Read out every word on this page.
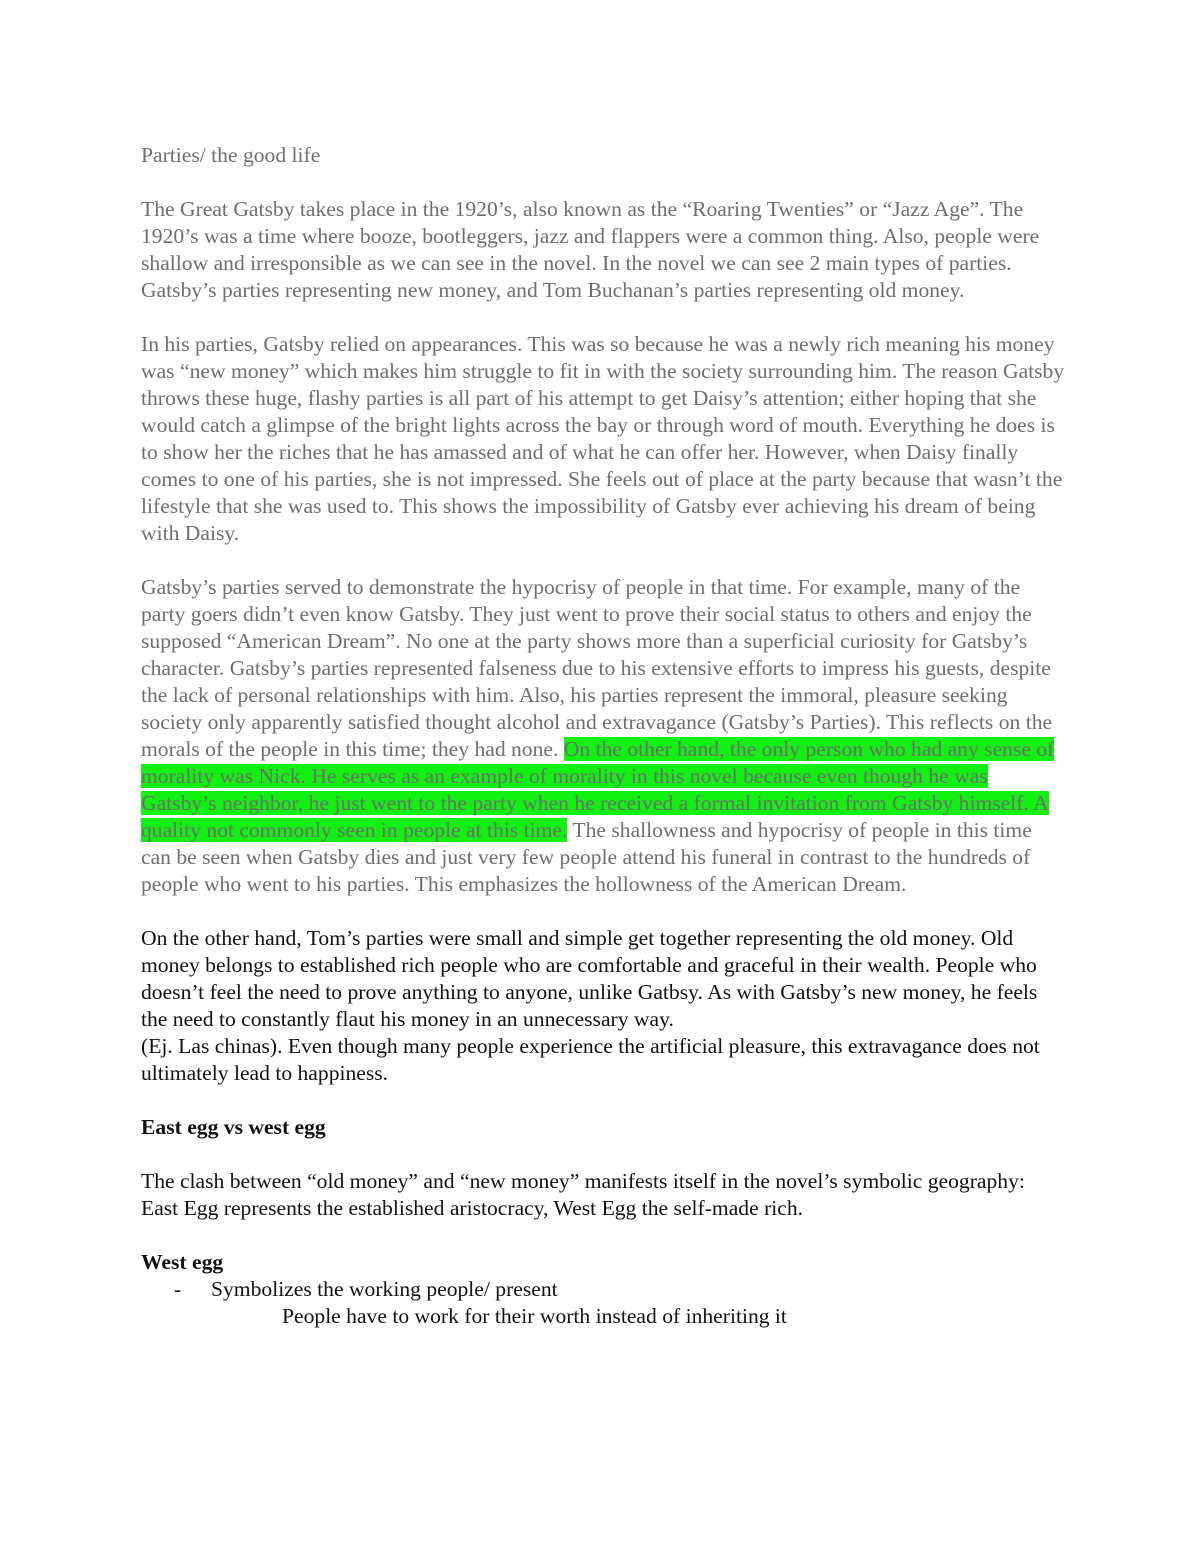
Parties/ the good life

The Great Gatsby takes place in the 1920’s, also known as the “Roaring Twenties” or “Jazz Age”. The 1920’s was a time where booze, bootleggers, jazz and flappers were a common thing. Also, people were shallow and irresponsible as we can see in the novel. In the novel we can see 2 main types of parties. Gatsby’s parties representing new money, and Tom Buchanan’s parties representing old money.

In his parties, Gatsby relied on appearances. This was so because he was a newly rich meaning his money was “new money” which makes him struggle to fit in with the society surrounding him. The reason Gatsby throws these huge, flashy parties is all part of his attempt to get Daisy’s attention; either hoping that she would catch a glimpse of the bright lights across the bay or through word of mouth. Everything he does is to show her the riches that he has amassed and of what he can offer her. However, when Daisy finally comes to one of his parties, she is not impressed. She feels out of place at the party because that wasn’t the lifestyle that she was used to. This shows the impossibility of Gatsby ever achieving his dream of being with Daisy.

Gatsby’s parties served to demonstrate the hypocrisy of people in that time. For example, many of the party goers didn’t even know Gatsby. They just went to prove their social status to others and enjoy the supposed “American Dream”. No one at the party shows more than a superficial curiosity for Gatsby’s character. Gatsby’s parties represented falseness due to his extensive efforts to impress his guests, despite the lack of personal relationships with him. Also, his parties represent the immoral, pleasure seeking society only apparently satisfied thought alcohol and extravagance (Gatsby’s Parties). This reflects on the morals of the people in this time; they had none. On the other hand, the only person who had any sense of morality was Nick. He serves as an example of morality in this novel because even though he was Gatsby’s neighbor, he just went to the party when he received a formal invitation from Gatsby himself. A quality not commonly seen in people at this time. The shallowness and hypocrisy of people in this time can be seen when Gatsby dies and just very few people attend his funeral in contrast to the hundreds of people who went to his parties. This emphasizes the hollowness of the American Dream.

On the other hand, Tom’s parties were small and simple get together representing the old money. Old money belongs to established rich people who are comfortable and graceful in their wealth. People who doesn’t feel the need to prove anything to anyone, unlike Gatbsy. As with Gatsby’s new money, he feels the need to constantly flaut his money in an unnecessary way.

(Ej. Las chinas). Even though many people experience the artificial pleasure, this extravagance does not ultimately lead to happiness.

East egg vs west egg

The clash between “old money” and “new money” manifests itself in the novel’s symbolic geography: East Egg represents the established aristocracy, West Egg the self-made rich.

West egg
- Symbolizes the working people/ present

People have to work for their worth instead of inheriting it
